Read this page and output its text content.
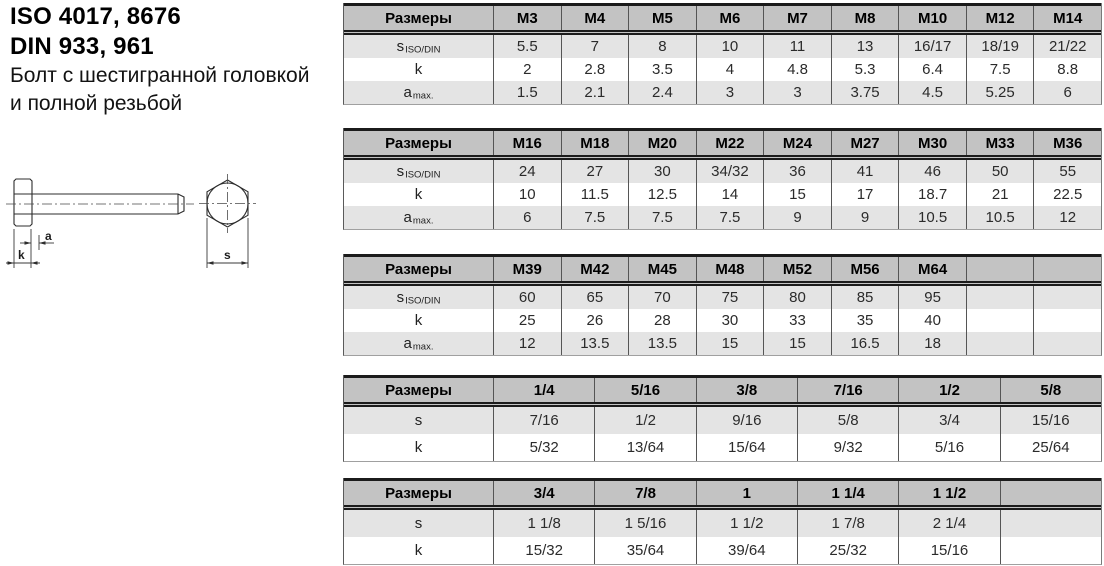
ISO 4017, 8676
DIN 933, 961
Болт с шестигранной головкой
и полной резьбой
a
k	s
Размеры	M3	M4	M5	M6	M7	M8	M10	M12	M14
s ISO/DIN	5.5	7	8	10	11	13	16/17	18/19	21/22
k	2	2.8	3.5	4	4.8	5.3	6.4	7.5	8.8
a max.	1.5	2.1	2.4	3	3	3.75	4.5	5.25	6
Размеры	M16	M18	M20	M22	M24	M27	M30	M33	M36
s ISO/DIN	24	27	30	34/32	36	41	46	50	55
k	10	11.5	12.5	14	15	17	18.7	21	22.5
a max.	6	7.5	7.5	7.5	9	9	10.5	10.5	12
Размеры	M39	M42	M45	M48	M52	M56	M64
s ISO/DIN	60	65	70	75	80	85	95
k	25	26	28	30	33	35	40
a max.	12	13.5	13.5	15	15	16.5	18
Размеры	1/4	5/16	3/8	7/16	1/2	5/8
s	7/16	1/2	9/16	5/8	3/4	15/16
k	5/32	13/64	15/64	9/32	5/16	25/64
Размеры	3/4	7/8	1	1 1/4	1 1/2
s	1 1/8	1 5/16	1 1/2	1 7/8	2 1/4
k	15/32	35/64	39/64	25/32	15/16
